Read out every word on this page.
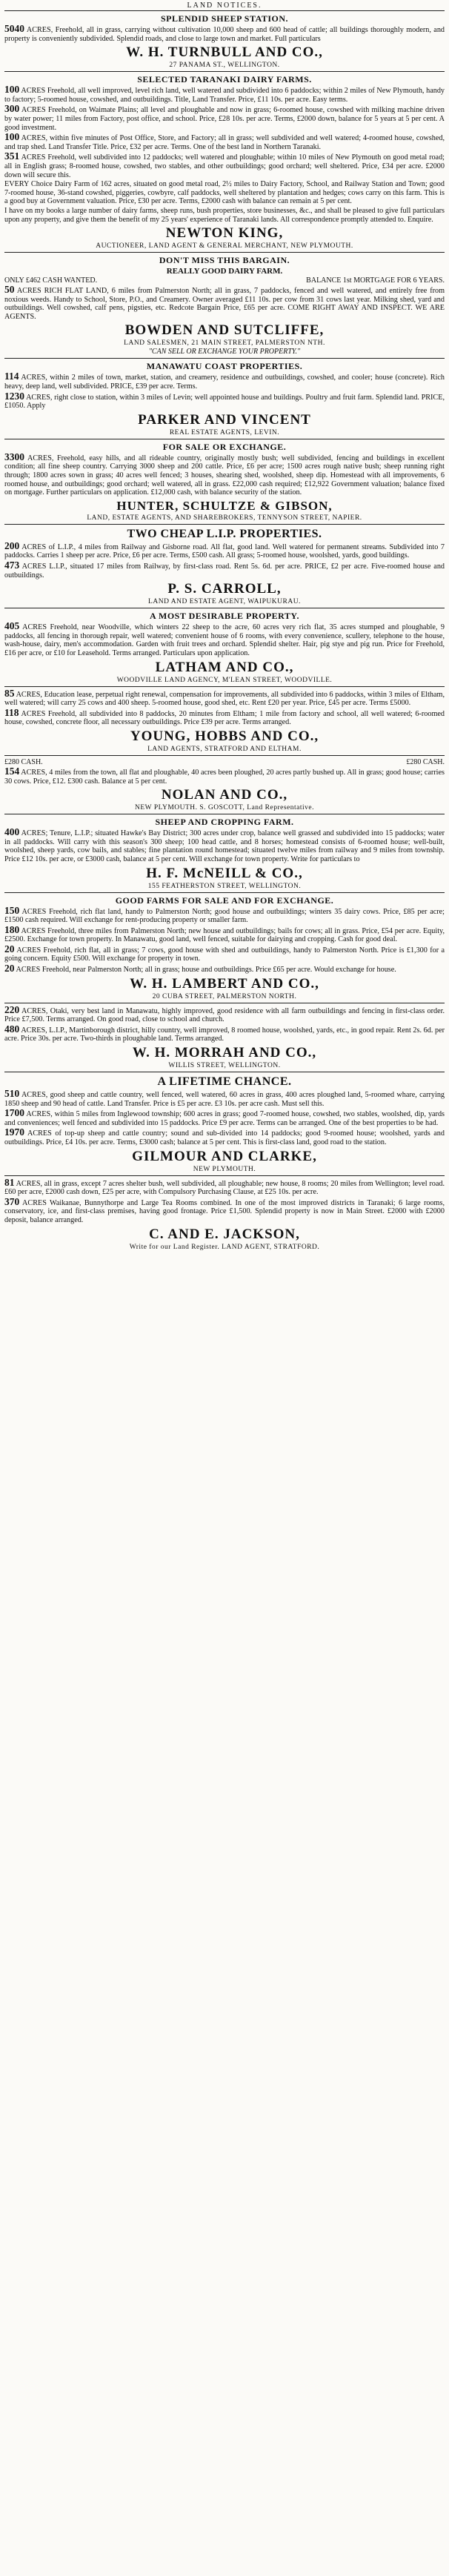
LAND NOTICES.
SPLENDID SHEEP STATION.

5040 ACRES, Freehold, all in grass, carrying without cultivation 10,000 sheep and 600 head of cattle; all buildings thoroughly modern, and property is conveniently subdivided. Splendid roads, and close to large town and market. Full particulars

W. H. TURNBULL AND CO.,
27 PANAMA ST., WELLINGTON.
SELECTED TARANAKI DAIRY FARMS.

100 ACRES Freehold, all well improved, level rich land, well watered and subdivided into 6 paddocks; within 2 miles of New Plymouth, handy to factory; 5-roomed house, cowshed, and outbuildings. Title, Land Transfer. Price, £11 10s. per acre. Easy terms.

300 ACRES Freehold, on Waimate Plains; all level and ploughable and now in grass; 6-roomed house, cowshed with milking machine driven by water power; 11 miles from Factory, post office, and school. Price, £28 10s. per acre. Terms, £2000 down, balance for 5 years at 5 per cent. A good investment.

100 ACRES, within five minutes of Post Office, Store, and Factory; all in grass; well subdivided and well watered; 4-roomed house, cowshed, and trap shed. Land Transfer Title. Price, £32 per acre. Terms. One of the best land in Northern Taranaki.

351 ACRES Freehold, well subdivided into 12 paddocks; well watered and ploughable; within 10 miles of New Plymouth on good metal road; all in English grass; 8-roomed house, cowshed, two stables, and other outbuildings; good orchard; well sheltered. Price, £34 per acre. £2000 down will secure this.

EVERY Choice Dairy Farm of 162 acres, situated on good metal road, 2½ miles to Dairy Factory, School, and Railway Station and Town; good 7-roomed house, 36-stand cowshed, piggeries, cowbyre, calf paddocks, well sheltered by plantation and hedges; cows carry on this farm. This is a good buy at Government valuation. Price, £30 per acre. Terms, £2000 cash with balance can remain at 5 per cent.

I have on my books a large number of dairy farms, sheep runs, bush properties, store businesses, &c., and shall be pleased to give full particulars upon any property, and give them the benefit of my 25 years' experience of Taranaki lands. All correspondence promptly attended to. Enquire.

NEWTON KING,
AUCTIONEER, LAND AGENT & GENERAL MERCHANT, NEW PLYMOUTH.
DON'T MISS THIS BARGAIN.
REALLY GOOD DAIRY FARM.
ONLY £462 CASH WANTED.	BALANCE 1st MORTGAGE FOR 6 YEARS.

50 ACRES RICH FLAT LAND, 6 miles from Palmerston North; all in grass, 7 paddocks, fenced and well watered, and entirely free from noxious weeds. Handy to School, Store, P.O., and Creamery. Owner averaged £11 10s. per cow from 31 cows last year. Milking shed, yard and outbuildings. Well cowshed, calf pens, pigsties, etc. Redcote Bargain Price, £65 per acre. COME RIGHT AWAY AND INSPECT. WE ARE AGENTS.

BOWDEN AND SUTCLIFFE,
LAND SALESMEN, 21 MAIN STREET, PALMERSTON NTH.
"CAN SELL OR EXCHANGE YOUR PROPERTY."
MANAWATU COAST PROPERTIES.

114 ACRES, within 2 miles of town, market, station, and creamery, residence and outbuildings, cowshed, and cooler; house (concrete). Rich heavy, deep land, well subdivided. PRICE, £39 per acre. Terms.

1230 ACRES, right close to station, within 3 miles of Levin; well appointed house and buildings. Poultry and fruit farm. Splendid land. PRICE, £1050. Apply

PARKER AND VINCENT
REAL ESTATE AGENTS, LEVIN.
FOR SALE OR EXCHANGE.

3300 ACRES, Freehold, easy hills, and all rideable country, originally mostly bush; well subdivided, fencing and buildings in excellent condition; all fine sheep country. Carrying 3000 sheep and 200 cattle. Price, £6 per acre; 1500 acres rough native bush; sheep running right through; 1800 acres sown in grass; 40 acres well fenced; 3 houses, shearing shed, woolshed, sheep dip. Homestead with all improvements, 6 roomed house, and outbuildings; good orchard; well watered, all in grass. £22,000 cash required; £12,922 Government valuation; balance fixed on mortgage. Further particulars on application. £12,000 cash, with balance security of the station.

HUNTER, SCHULTZE & GIBSON,
LAND, ESTATE AGENTS, AND SHAREBROKERS, TENNYSON STREET, NAPIER.
TWO CHEAP L.I.P. PROPERTIES.

200 ACRES of L.I.P., 4 miles from Railway and Gisborne road. All flat, good land. Well watered for permanent streams. Subdivided into 7 paddocks. Carries 1 sheep per acre. Price, £6 per acre. Terms, £500 cash. All grass; 5-roomed house, woolshed, yards, good buildings.

473 ACRES L.I.P., situated 17 miles from Railway, by first-class road. Rent 5s. 6d. per acre. PRICE, £2 per acre. Five-roomed house and outbuildings.

P. S. CARROLL,
LAND AND ESTATE AGENT, WAIPUKURAU.
A MOST DESIRABLE PROPERTY.

405 ACRES Freehold, near Woodville, which winters 22 sheep to the acre, 60 acres very rich flat, 35 acres stumped and ploughable, 9 paddocks, all fencing in thorough repair, well watered; convenient house of 6 rooms, with every convenience, scullery, telephone to the house, wash-house, dairy, men's accommodation. Garden with fruit trees and orchard. Splendid shelter. Hair, pig stye and pig run. Price for Freehold, £16 per acre, or £10 for Leasehold. Terms arranged. Particulars upon application.

LATHAM AND CO.,
WOODVILLE LAND AGENCY, M'LEAN STREET, WOODVILLE.

85 ACRES, Education lease, perpetual right renewal, compensation for improvements, all subdivided into 6 paddocks, within 3 miles of Eltham, well watered; will carry 25 cows and 400 sheep. 5-roomed house, good shed, etc. Rent £20 per year. Price, £45 per acre. Terms £5000.

118 ACRES Freehold, all subdivided into 8 paddocks, 20 minutes from Eltham; 1 mile from factory and school, all well watered; 6-roomed house, cowshed, concrete floor, all necessary outbuildings. Price £39 per acre. Terms arranged.

YOUNG, HOBBS AND CO.,
LAND AGENTS, STRATFORD AND ELTHAM.
£280 CASH.	£280 CASH.

154 ACRES, 4 miles from the town, all flat and ploughable, 40 acres been ploughed, 20 acres partly bushed up. All in grass; good house; carries 30 cows. Price, £12. £300 cash. Balance at 5 per cent.

NOLAN AND CO.,
NEW PLYMOUTH. S. GOSCOTT, Land Representative.
SHEEP AND CROPPING FARM.

400 ACRES; Tenure, L.I.P.; situated Hawke's Bay District; 300 acres under crop, balance well grassed and subdivided into 15 paddocks; water in all paddocks. Will carry with this season's 300 sheep; 100 head cattle, and 8 horses; homestead consists of 6-roomed house; well-built, woolshed, sheep yards, cow bails, and stables; fine plantation round homestead; situated twelve miles from railway and 9 miles from township. Price £12 10s. per acre, or £3000 cash, balance at 5 per cent. Will exchange for town property. Write for particulars to

H. F. McNEILL & CO.,
155 FEATHERSTON STREET, WELLINGTON.
GOOD FARMS FOR SALE AND FOR EXCHANGE.

150 ACRES Freehold, rich flat land, handy to Palmerston North; good house and outbuildings; winters 35 dairy cows. Price, £85 per acre; £1500 cash required. Will exchange for rent-producing property or smaller farm.

180 ACRES Freehold, three miles from Palmerston North; new house and outbuildings; bails for cows; all in grass. Price, £54 per acre. Equity, £2500. Exchange for town property. In Manawatu, good land, well fenced, suitable for dairying and cropping. Cash for good deal.

20 ACRES Freehold, rich flat, all in grass; 7 cows, good house with shed and outbuildings, handy to Palmerston North. Price is £1,300 for a going concern. Equity £500. Will exchange for property in town.

20 ACRES Freehold, near Palmerston North; all in grass; house and outbuildings. Price £65 per acre. Would exchange for house.

W. H. LAMBERT AND CO.,
20 CUBA STREET, PALMERSTON NORTH.

220 ACRES, Otaki, very best land in Manawatu, highly improved, good residence with all farm outbuildings and fencing in first-class order. Price £7,500. Terms arranged. On good road, close to school and church.

480 ACRES, L.I.P., Martinborough district, hilly country, well improved, 8 roomed house, woolshed, yards, etc., in good repair. Rent 2s. 6d. per acre. Price 30s. per acre. Two-thirds in ploughable land. Terms arranged.

W. H. MORRAH AND CO.,
WILLIS STREET, WELLINGTON.
A LIFETIME CHANCE.

510 ACRES, good sheep and cattle country, well fenced, well watered, 60 acres in grass, 400 acres ploughed land, 5-roomed whare, carrying 1850 sheep and 90 head of cattle. Land Transfer. Price is £5 per acre. £3 10s. per acre cash. Must sell this.

1700 ACRES, within 5 miles from Inglewood township; 600 acres in grass; good 7-roomed house, cowshed, two stables, woolshed, dip, yards and conveniences; well fenced and subdivided into 15 paddocks. Price £9 per acre. Terms can be arranged. One of the best properties to be had.

1970 ACRES of top-up sheep and cattle country; sound and sub-divided into 14 paddocks; good 9-roomed house; woolshed, yards and outbuildings. Price, £4 10s. per acre. Terms, £3000 cash; balance at 5 per cent. This is first-class land, good road to the station.

GILMOUR AND CLARKE,
NEW PLYMOUTH.

81 ACRES, all in grass, except 7 acres shelter bush, well subdivided, all ploughable; new house, 8 rooms; 20 miles from Wellington; level road. £60 per acre, £2000 cash down, £25 per acre, with Compulsory Purchasing Clause, at £25 10s. per acre.

370 ACRES Waikanae, Bunnythorpe and Large Tea Rooms combined. In one of the most improved districts in Taranaki; 6 large rooms, conservatory, ice, and first-class premises, having good frontage. Price £1,500. Splendid property is now in Main Street. £2000 with £2000 deposit, balance arranged.

C. AND E. JACKSON,
Write for our Land Register. LAND AGENT, STRATFORD.
